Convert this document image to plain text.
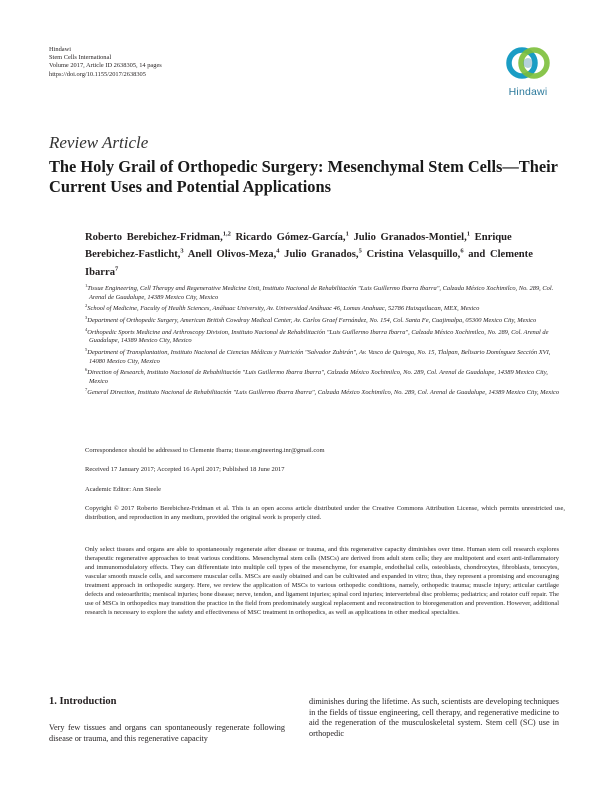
Hindawi
Stem Cells International
Volume 2017, Article ID 2638305, 14 pages
https://doi.org/10.1155/2017/2638305
Hindawi
Review Article
The Holy Grail of Orthopedic Surgery: Mesenchymal Stem Cells—Their Current Uses and Potential Applications

Roberto Berebichez-Fridman,$^{1,2}$ Ricardo Gómez-García,$^1$ Julio Granados-Montiel,$^1$ Enrique Berebichez-Fastlicht,$^3$ Anell Olivos-Meza,$^4$ Julio Granados,$^5$ Cristina Velasquillo,$^6$ and Clemente Ibarra$^7$

$^1$Tissue Engineering, Cell Therapy and Regenerative Medicine Unit, Instituto Nacional de Rehabilitación "Luis Guillermo Ibarra Ibarra", Calzada México Xochimilco, No. 289, Col. Arenal de Guadalupe, 14389 Mexico City, Mexico
$^2$School of Medicine, Faculty of Health Sciences, Anáhuac University, Av. Universidad Anáhuac 46, Lomas Anahuac, 52786 Huixquilucan, MEX, Mexico
$^3$Department of Orthopedic Surgery, American British Cowdray Medical Center, Av. Carlos Graef Fernández, No. 154, Col. Santa Fe, Cuajimalpa, 05300 Mexico City, Mexico
$^4$Orthopedic Sports Medicine and Arthroscopy Division, Instituto Nacional de Rehabilitación "Luis Guillermo Ibarra Ibarra", Calzada México Xochimilco, No. 289, Col. Arenal de Guadalupe, 14389 Mexico City, Mexico
$^5$Department of Transplantation, Instituto Nacional de Ciencias Médicas y Nutrición "Salvador Zubirán", Av. Vasco de Quiroga, No. 15, Tlalpan, Belisario Domínguez Sección XVI, 14080 Mexico City, Mexico
$^6$Direction of Research, Instituto Nacional de Rehabilitación "Luis Guillermo Ibarra Ibarra", Calzada México Xochimilco, No. 289, Col. Arenal de Guadalupe, 14389 Mexico City, Mexico
$^7$General Direction, Instituto Nacional de Rehabilitación "Luis Guillermo Ibarra Ibarra", Calzada México Xochimilco, No. 289, Col. Arenal de Guadalupe, 14389 Mexico City, Mexico
Correspondence should be addressed to Clemente Ibarra; tissue.engineering.inr@gmail.com
Received 17 January 2017; Accepted 16 April 2017; Published 18 June 2017
Academic Editor: Ann Steele
Copyright © 2017 Roberto Berebichez-Fridman et al. This is an open access article distributed under the Creative Commons Attribution License, which permits unrestricted use, distribution, and reproduction in any medium, provided the original work is properly cited.

Only select tissues and organs are able to spontaneously regenerate after disease or trauma, and this regenerative capacity diminishes over time. Human stem cell research explores therapeutic regenerative approaches to treat various conditions. Mesenchymal stem cells (MSCs) are derived from adult stem cells; they are multipotent and exert anti-inflammatory and immunomodulatory effects. They can differentiate into multiple cell types of the mesenchyme, for example, endothelial cells, osteoblasts, chondrocytes, fibroblasts, tenocytes, vascular smooth muscle cells, and sarcomere muscular cells. MSCs are easily obtained and can be cultivated and expanded in vitro; thus, they represent a promising and encouraging treatment approach in orthopedic surgery. Here, we review the application of MSCs to various orthopedic conditions, namely, orthopedic trauma; muscle injury; articular cartilage defects and osteoarthritis; meniscal injuries; bone disease; nerve, tendon, and ligament injuries; spinal cord injuries; intervertebral disc problems; pediatrics; and rotator cuff repair. The use of MSCs in orthopedics may transition the practice in the field from predominately surgical replacement and reconstruction to bioregeneration and prevention. However, additional research is necessary to explore the safety and effectiveness of MSC treatment in orthopedics, as well as applications in other medical specialties.

1. Introduction

Very few tissues and organs can spontaneously regenerate following disease or trauma, and this regenerative capacity

diminishes during the lifetime. As such, scientists are developing techniques in the fields of tissue engineering, cell therapy, and regenerative medicine to aid the regeneration of the musculoskeletal system. Stem cell (SC) use in orthopedic
